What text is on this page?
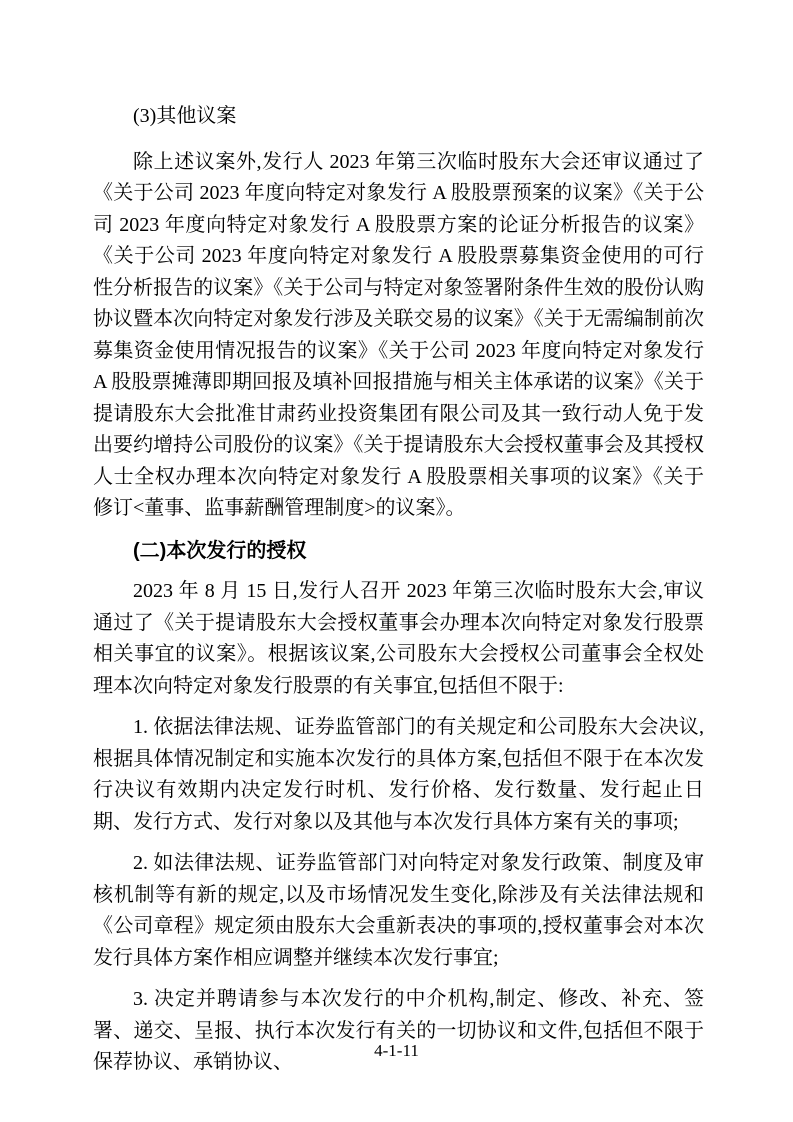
(3)其他议案

除上述议案外,发行人 2023 年第三次临时股东大会还审议通过了《关于公司 2023 年度向特定对象发行 A 股股票预案的议案》《关于公司 2023 年度向特定对象发行 A 股股票方案的论证分析报告的议案》《关于公司 2023 年度向特定对象发行 A 股股票募集资金使用的可行性分析报告的议案》《关于公司与特定对象签署附条件生效的股份认购协议暨本次向特定对象发行涉及关联交易的议案》《关于无需编制前次募集资金使用情况报告的议案》《关于公司 2023 年度向特定对象发行 A 股股票摊薄即期回报及填补回报措施与相关主体承诺的议案》《关于提请股东大会批准甘肃药业投资集团有限公司及其一致行动人免于发出要约增持公司股份的议案》《关于提请股东大会授权董事会及其授权人士全权办理本次向特定对象发行 A 股股票相关事项的议案》《关于修订<董事、监事薪酬管理制度>的议案》。

(二)本次发行的授权

2023 年 8 月 15 日,发行人召开 2023 年第三次临时股东大会,审议通过了《关于提请股东大会授权董事会办理本次向特定对象发行股票相关事宜的议案》。根据该议案,公司股东大会授权公司董事会全权处理本次向特定对象发行股票的有关事宜,包括但不限于:

1. 依据法律法规、证券监管部门的有关规定和公司股东大会决议,根据具体情况制定和实施本次发行的具体方案,包括但不限于在本次发行决议有效期内决定发行时机、发行价格、发行数量、发行起止日期、发行方式、发行对象以及其他与本次发行具体方案有关的事项;

2. 如法律法规、证券监管部门对向特定对象发行政策、制度及审核机制等有新的规定,以及市场情况发生变化,除涉及有关法律法规和《公司章程》规定须由股东大会重新表决的事项的,授权董事会对本次发行具体方案作相应调整并继续本次发行事宜;

3. 决定并聘请参与本次发行的中介机构,制定、修改、补充、签署、递交、呈报、执行本次发行有关的一切协议和文件,包括但不限于保荐协议、承销协议、

4-1-11
